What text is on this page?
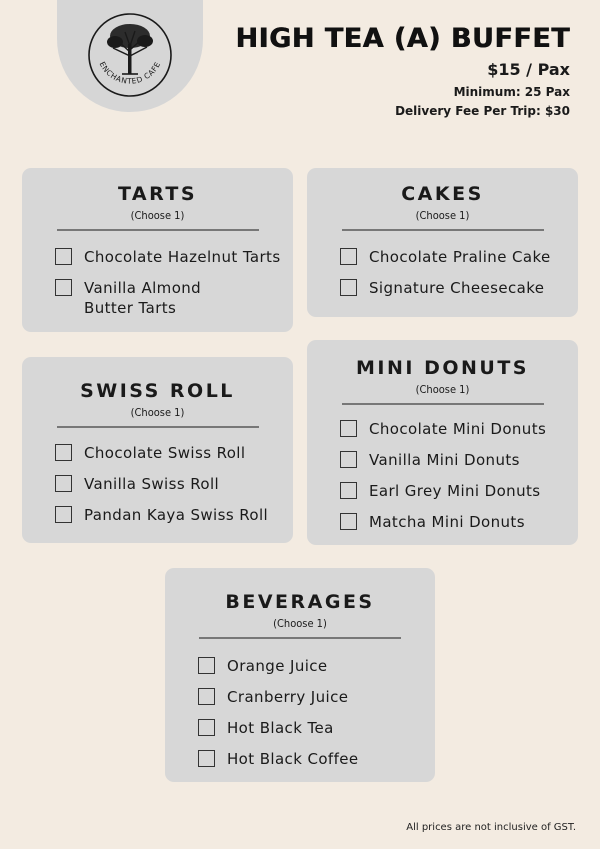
ENCHANTED CAFE
HIGH TEA (A) BUFFET
$15 / Pax
Minimum: 25 Pax
Delivery Fee Per Trip: $30
TARTS
(Choose 1)
Chocolate Hazelnut Tarts
Vanilla Almond Butter Tarts
CAKES
(Choose 1)
Chocolate Praline Cake
Signature Cheesecake
SWISS ROLL
(Choose 1)
Chocolate Swiss Roll
Vanilla Swiss Roll
Pandan Kaya Swiss Roll
MINI DONUTS
(Choose 1)
Chocolate Mini Donuts
Vanilla Mini Donuts
Earl Grey Mini Donuts
Matcha Mini Donuts
BEVERAGES
(Choose 1)
Orange Juice
Cranberry Juice
Hot Black Tea
Hot Black Coffee
All prices are not inclusive of GST.
